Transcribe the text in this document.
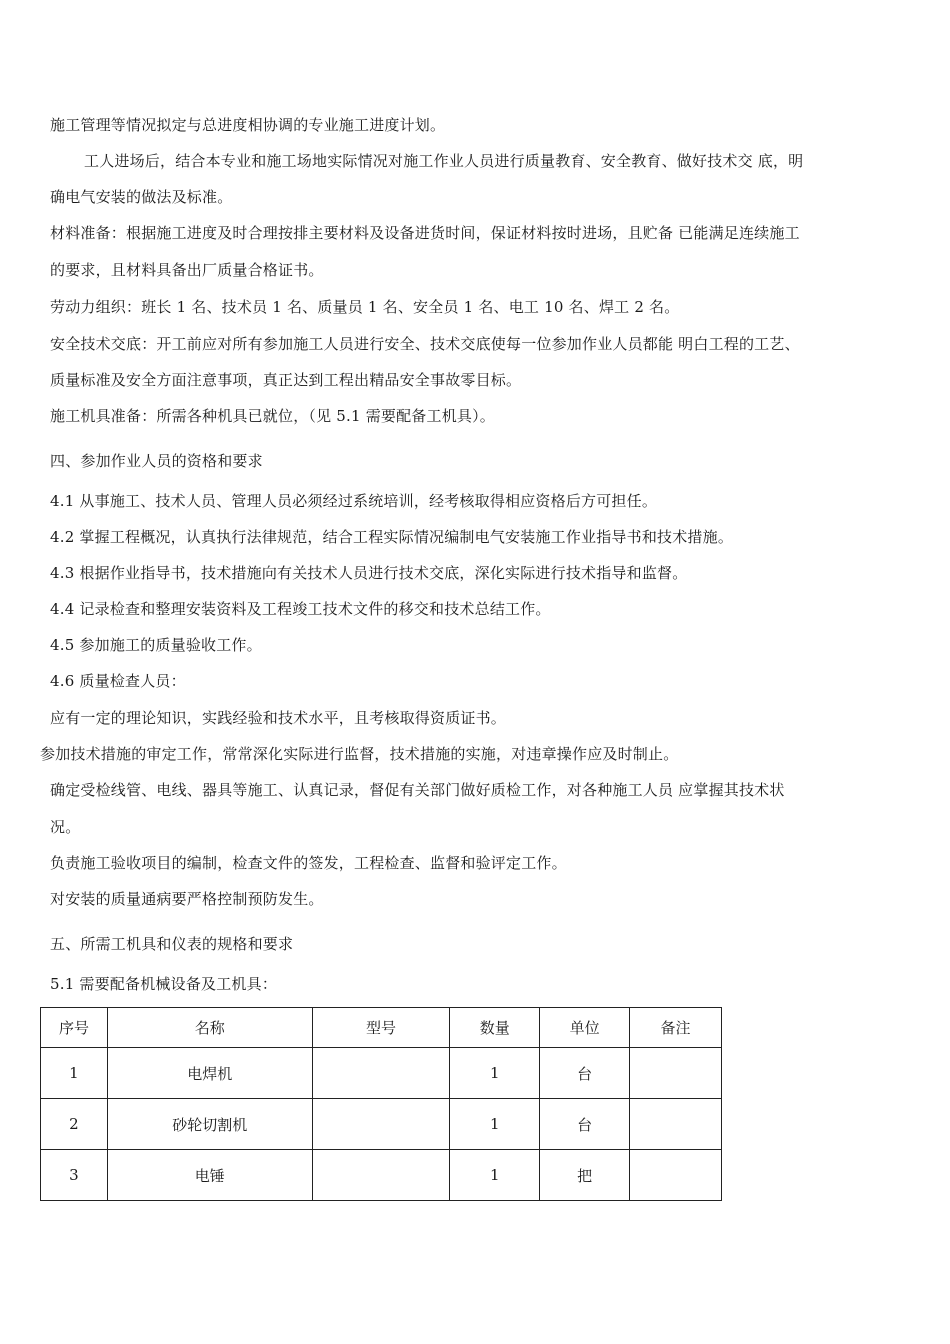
施工管理等情况拟定与总进度相协调的专业施工进度计划。
工人进场后，结合本专业和施工场地实际情况对施工作业人员进行质量教育、安全教育、做好技术交 底，明
确电气安装的做法及标准。
材料准备：根据施工进度及时合理按排主要材料及设备进货时间，保证材料按时进场，且贮备 已能满足连续施工
的要求，且材料具备出厂质量合格证书。
劳动力组织：班长 1 名、技术员 1 名、质量员 1 名、安全员 1 名、电工 10 名、焊工 2 名。
安全技术交底：开工前应对所有参加施工人员进行安全、技术交底使每一位参加作业人员都能 明白工程的工艺、
质量标准及安全方面注意事项，真正达到工程出精品安全事故零目标。
施工机具准备：所需各种机具已就位，（见 5.1 需要配备工机具）。
四、参加作业人员的资格和要求
4.1 从事施工、技术人员、管理人员必须经过系统培训，经考核取得相应资格后方可担任。
4.2 掌握工程概况，认真执行法律规范，结合工程实际情况编制电气安装施工作业指导书和技术措施。
4.3 根据作业指导书，技术措施向有关技术人员进行技术交底，深化实际进行技术指导和监督。
4.4 记录检查和整理安装资料及工程竣工技术文件的移交和技术总结工作。
4.5 参加施工的质量验收工作。
4.6 质量检查人员：
应有一定的理论知识，实践经验和技术水平，且考核取得资质证书。
参加技术措施的审定工作，常常深化实际进行监督，技术措施的实施，对违章操作应及时制止。
确定受检线管、电线、器具等施工、认真记录，督促有关部门做好质检工作，对各种施工人员 应掌握其技术状
况。
负责施工验收项目的编制，检查文件的签发，工程检查、监督和验评定工作。
对安装的质量通病要严格控制预防发生。
五、所需工机具和仪表的规格和要求
5.1 需要配备机械设备及工机具：
序号	名称	型号	数量	单位	备注
1	电焊机		1	台	
2	砂轮切割机		1	台	
3	电锤		1	把	
